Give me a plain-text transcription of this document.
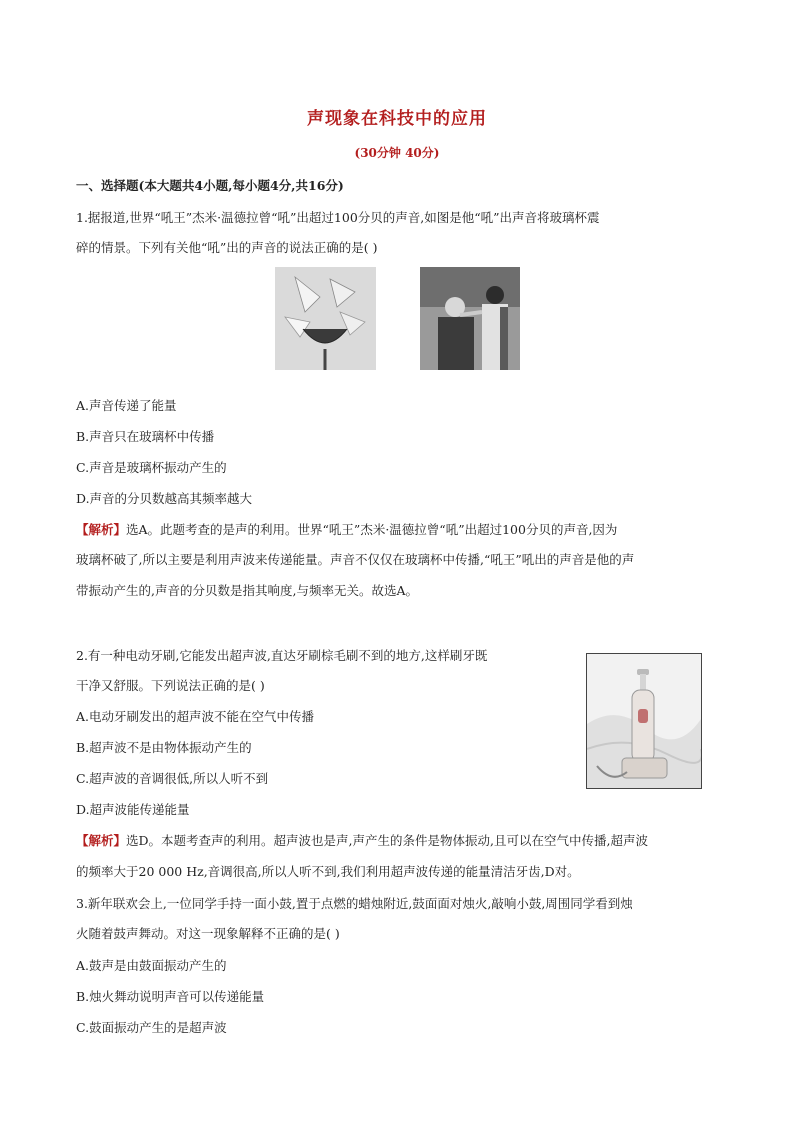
声现象在科技中的应用
(30分钟 40分)
一、选择题(本大题共4小题,每小题4分,共16分)
1.据报道,世界“吼王”杰米·温德拉曾“吼”出超过100分贝的声音,如图是他“吼”出声音将玻璃杯震
碎的情景。下列有关他“吼”出的声音的说法正确的是( )
A.声音传递了能量
B.声音只在玻璃杯中传播
C.声音是玻璃杯振动产生的
D.声音的分贝数越高其频率越大
【解析】选A。此题考查的是声的利用。世界“吼王”杰米·温德拉曾“吼”出超过100分贝的声音,因为
玻璃杯破了,所以主要是利用声波来传递能量。声音不仅仅在玻璃杯中传播,“吼王”吼出的声音是他的声
带振动产生的,声音的分贝数是指其响度,与频率无关。故选A。
2.有一种电动牙刷,它能发出超声波,直达牙刷棕毛刷不到的地方,这样刷牙既
干净又舒服。下列说法正确的是( )
A.电动牙刷发出的超声波不能在空气中传播
B.超声波不是由物体振动产生的
C.超声波的音调很低,所以人听不到
D.超声波能传递能量
【解析】选D。本题考查声的利用。超声波也是声,声产生的条件是物体振动,且可以在空气中传播,超声波
的频率大于20 000 Hz,音调很高,所以人听不到,我们利用超声波传递的能量清洁牙齿,D对。
3.新年联欢会上,一位同学手持一面小鼓,置于点燃的蜡烛附近,鼓面面对烛火,敲响小鼓,周围同学看到烛
火随着鼓声舞动。对这一现象解释不正确的是( )
A.鼓声是由鼓面振动产生的
B.烛火舞动说明声音可以传递能量
C.鼓面振动产生的是超声波
